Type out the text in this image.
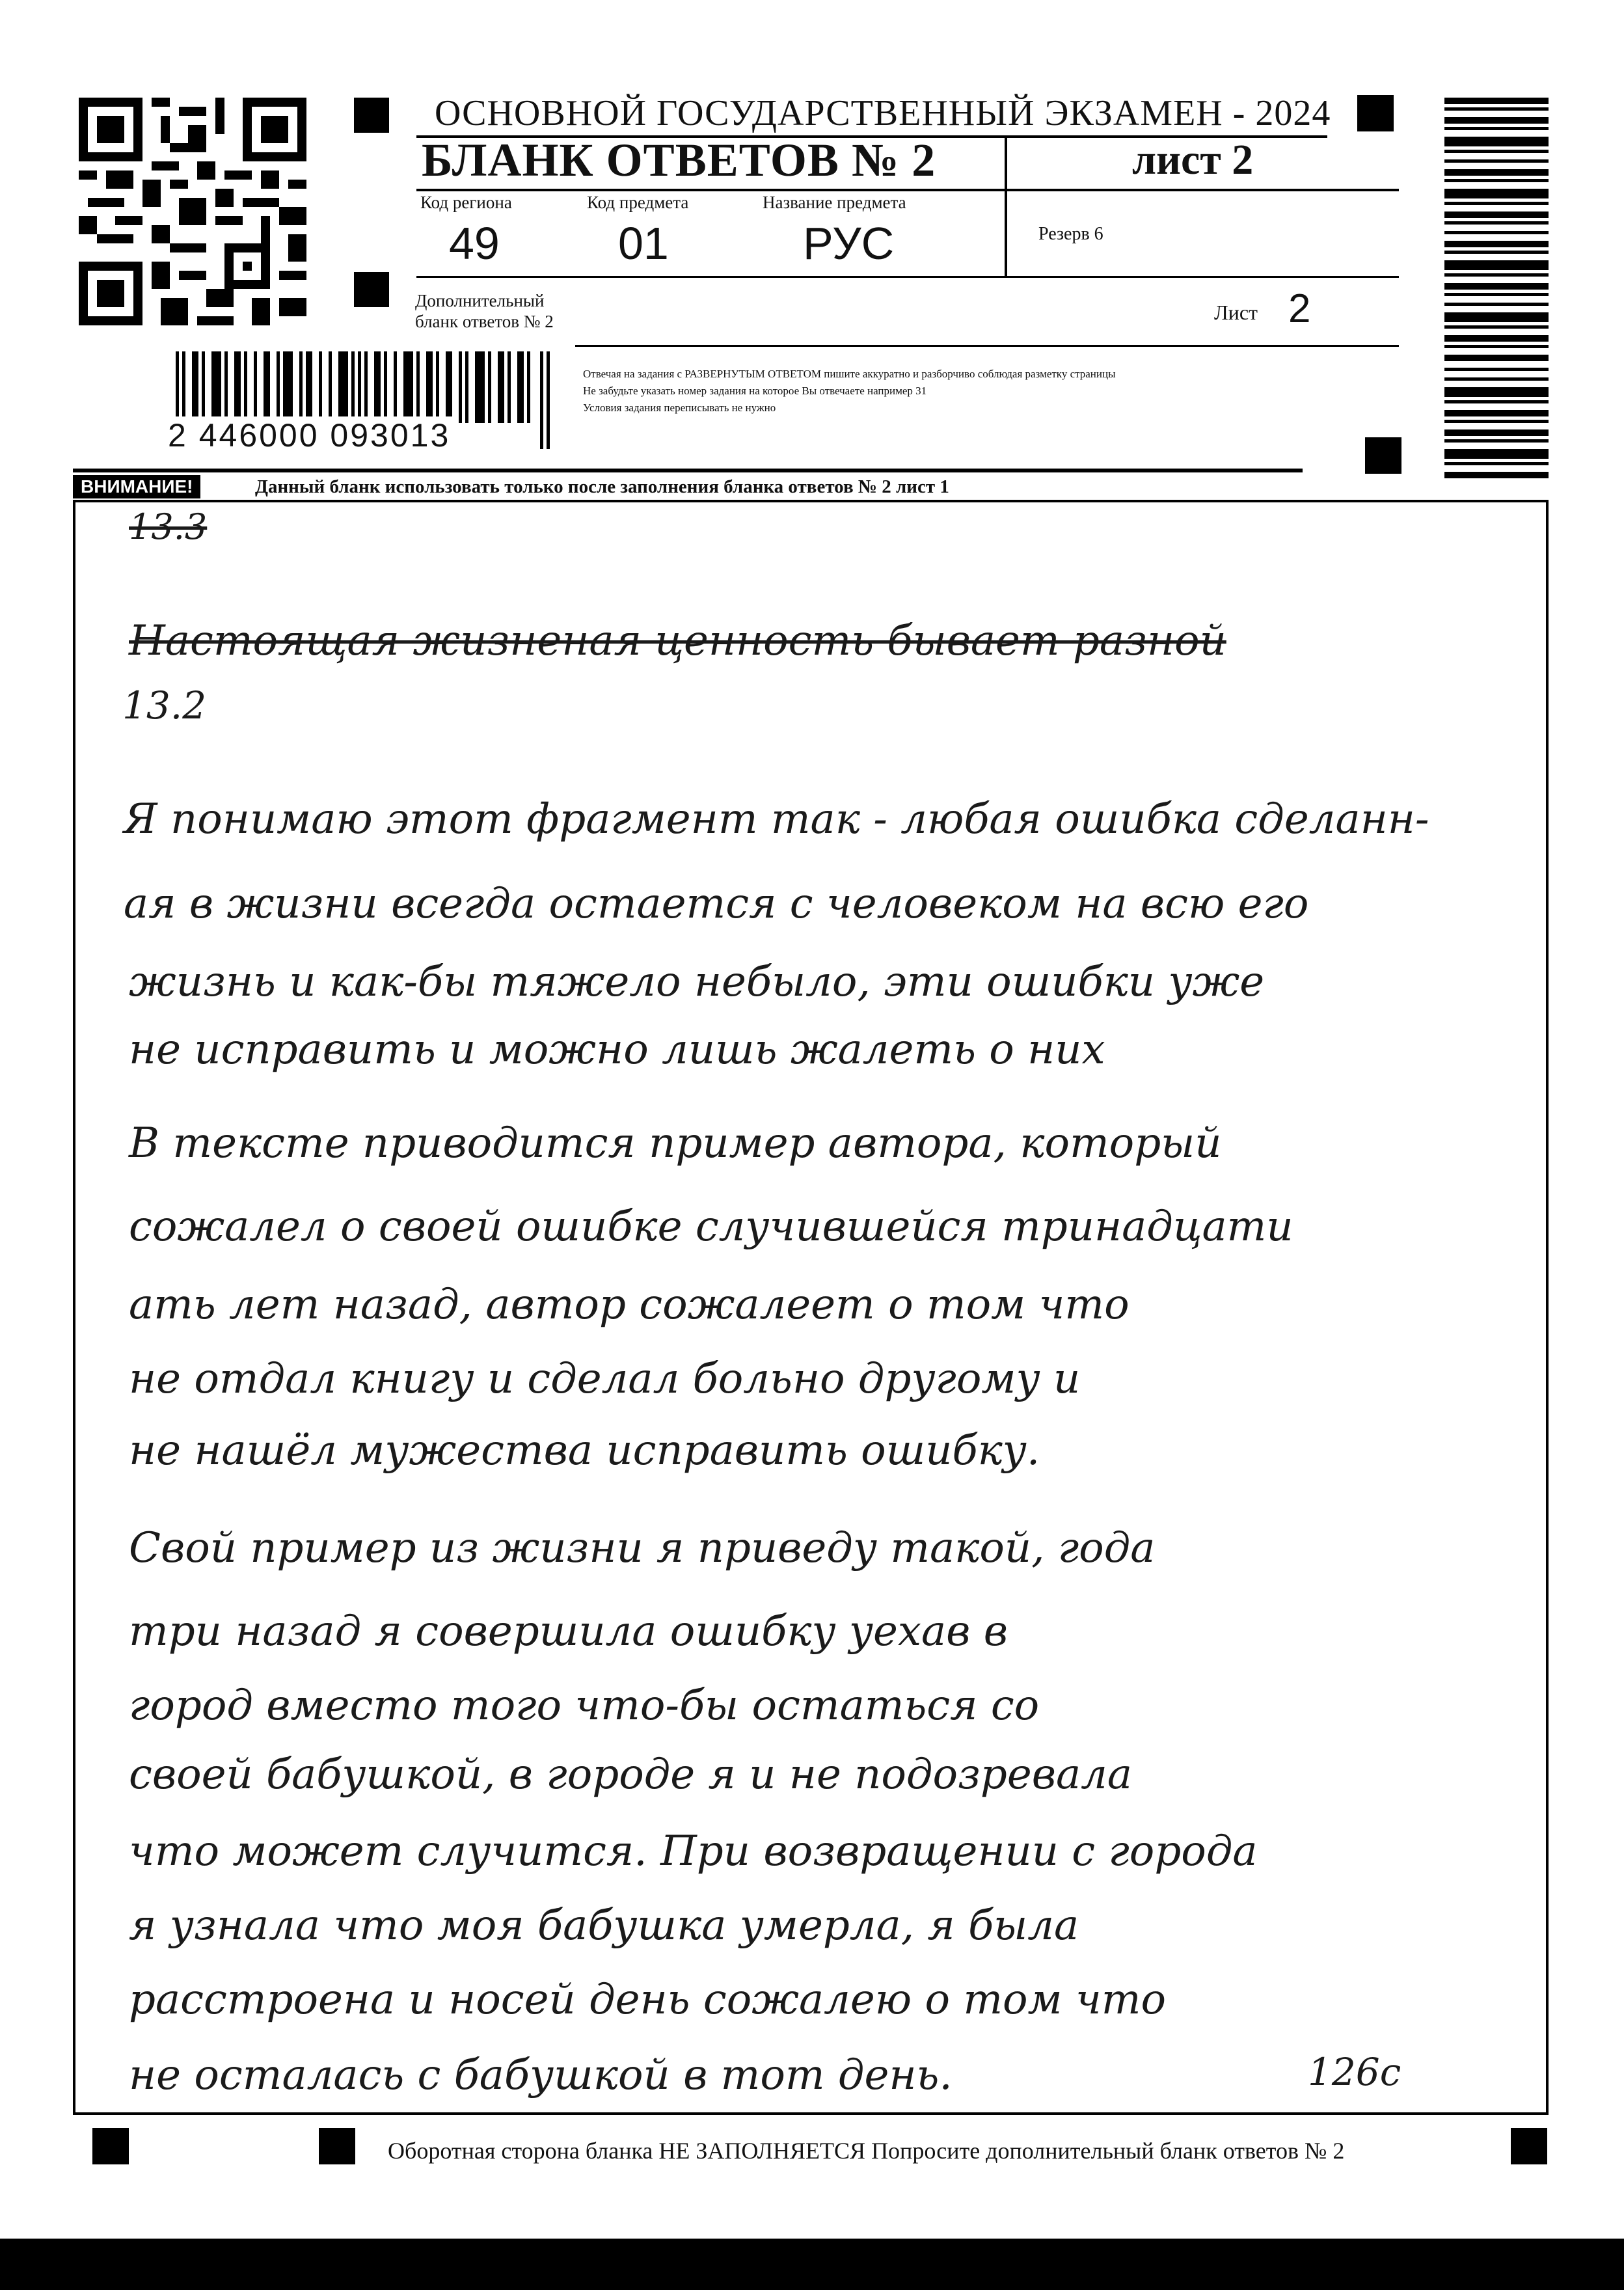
ОСНОВНОЙ ГОСУДАРСТВЕННЫЙ ЭКЗАМЕН - 2024
БЛАНК ОТВЕТОВ № 2	лист 2
Код региона
49
Код предмета
01
Название предмета
РУС	Резерв 6
Дополнительный
бланк ответов № 2	Лист 2
Отвечая на задания с РАЗВЕРНУТЫМ ОТВЕТОМ пишите аккуратно и разборчиво соблюдая разметку страницы
Не забудьте указать номер задания на которое Вы отвечаете например 31
Условия задания переписывать не нужно
2 446000 093013
ВНИМАНИЕ!	Данный бланк использовать только после заполнения бланка ответов № 2 лист 1
13.3
Настоящая жизненая ценность бывает разной
13.2
Я понимаю этот фрагмент так - любая ошибка сделанн-
ая в жизни всегда остается с человеком на всю его
жизнь и как-бы тяжело небыло, эти ошибки уже
не исправить и можно лишь жалеть о них
В тексте приводится пример автора, который
сожалел о своей ошибке случившейся тринадцати
ать лет назад, автор сожалеет о том что
не отдал книгу и сделал больно другому и
не нашёл мужества исправить ошибку.
Свой пример из жизни я приведу такой, года
три назад я совершила ошибку уехав в
город вместо того что-бы остаться со
своей бабушкой, в городе я и не подозревала
что может случится. При возвращении с города
я узнала что моя бабушка умерла, я была
расстроена и носей день сожалею о том что
не осталась с бабушкой в тот день.	126с
Оборотная сторона бланка НЕ ЗАПОЛНЯЕТСЯ Попросите дополнительный бланк ответов № 2
